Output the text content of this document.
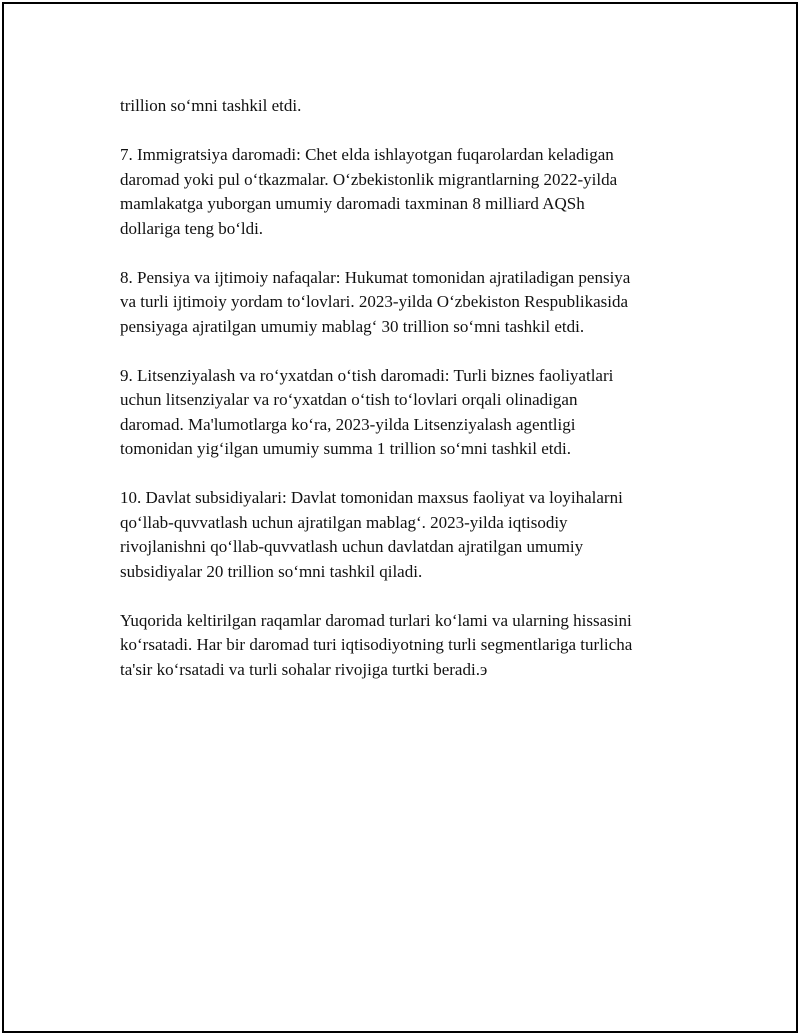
trillion so‘mni tashkil etdi.

7. Immigratsiya daromadi: Chet elda ishlayotgan fuqarolardan keladigan
daromad yoki pul o‘tkazmalar. O‘zbekistonlik migrantlarning 2022-yilda
mamlakatga yuborgan umumiy daromadi taxminan 8 milliard AQSh
dollariga teng bo‘ldi.

8. Pensiya va ijtimoiy nafaqalar: Hukumat tomonidan ajratiladigan pensiya
va turli ijtimoiy yordam to‘lovlari. 2023-yilda O‘zbekiston Respublikasida
pensiyaga ajratilgan umumiy mablag‘ 30 trillion so‘mni tashkil etdi.

9. Litsenziyalash va ro‘yxatdan o‘tish daromadi: Turli biznes faoliyatlari
uchun litsenziyalar va ro‘yxatdan o‘tish to‘lovlari orqali olinadigan
daromad. Ma'lumotlarga ko‘ra, 2023-yilda Litsenziyalash agentligi
tomonidan yig‘ilgan umumiy summa 1 trillion so‘mni tashkil etdi.

10. Davlat subsidiyalari: Davlat tomonidan maxsus faoliyat va loyihalarni
qo‘llab-quvvatlash uchun ajratilgan mablag‘. 2023-yilda iqtisodiy
rivojlanishni qo‘llab-quvvatlash uchun davlatdan ajratilgan umumiy
subsidiyalar 20 trillion so‘mni tashkil qiladi.

Yuqorida keltirilgan raqamlar daromad turlari ko‘lami va ularning hissasini
ko‘rsatadi. Har bir daromad turi iqtisodiyotning turli segmentlariga turlicha
ta'sir ko‘rsatadi va turli sohalar rivojiga turtki beradi.э
